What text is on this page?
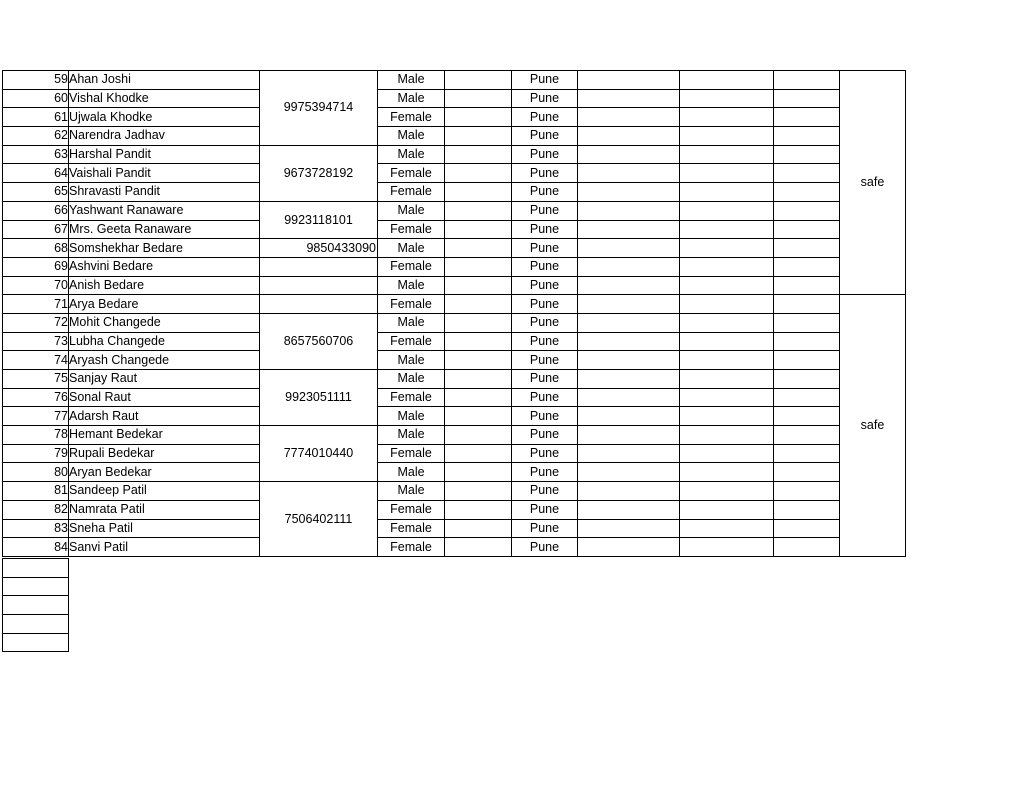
59	Ahan Joshi	9975394714	Male		Pune				safe
60	Vishal Khodke		Male		Pune				
61	Ujwala Khodke		Female		Pune				
62	Narendra Jadhav		Male		Pune				
63	Harshal Pandit	9673728192	Male		Pune				
64	Vaishali Pandit		Female		Pune				
65	Shravasti Pandit		Female		Pune				
66	Yashwant Ranaware	9923118101	Male		Pune				
67	Mrs. Geeta Ranaware		Female		Pune				
68	Somshekhar Bedare	9850433090	Male		Pune				
69	Ashvini Bedare		Female		Pune				
70	Anish Bedare		Male		Pune				
71	Arya Bedare		Female		Pune				safe
72	Mohit Changede	8657560706	Male		Pune				
73	Lubha Changede		Female		Pune				
74	Aryash Changede		Male		Pune				
75	Sanjay Raut	9923051111	Male		Pune				
76	Sonal Raut		Female		Pune				
77	Adarsh Raut		Male		Pune				
78	Hemant Bedekar	7774010440	Male		Pune				
79	Rupali Bedekar		Female		Pune				
80	Aryan Bedekar		Male		Pune				
81	Sandeep Patil	7506402111	Male		Pune				
82	Namrata Patil		Female		Pune				
83	Sneha Patil		Female		Pune				
84	Sanvi Patil		Female		Pune				
